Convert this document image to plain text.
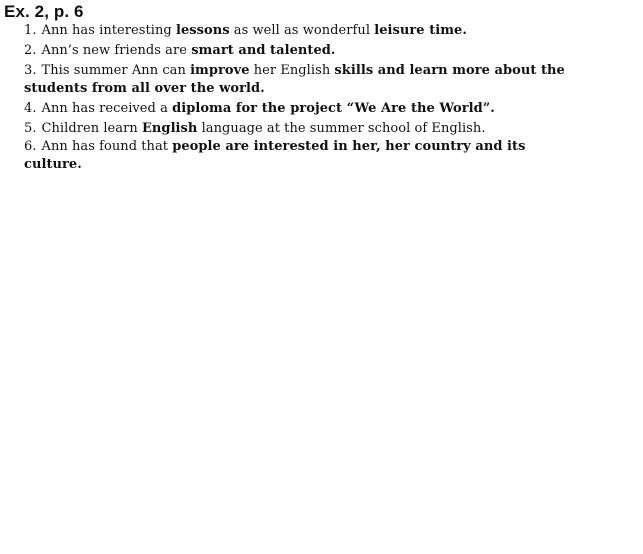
Ex. 2, p. 6
1. Ann has interesting lessons as well as wonderful leisure time.
2. Ann’s new friends are smart and talented.
3. This summer Ann can improve her English skills and learn more about the students from all over the world.
4. Ann has received a diploma for the project “We Are the World”.
5. Children learn English language at the summer school of English.
6. Ann has found that people are interested in her, her country and its culture.
